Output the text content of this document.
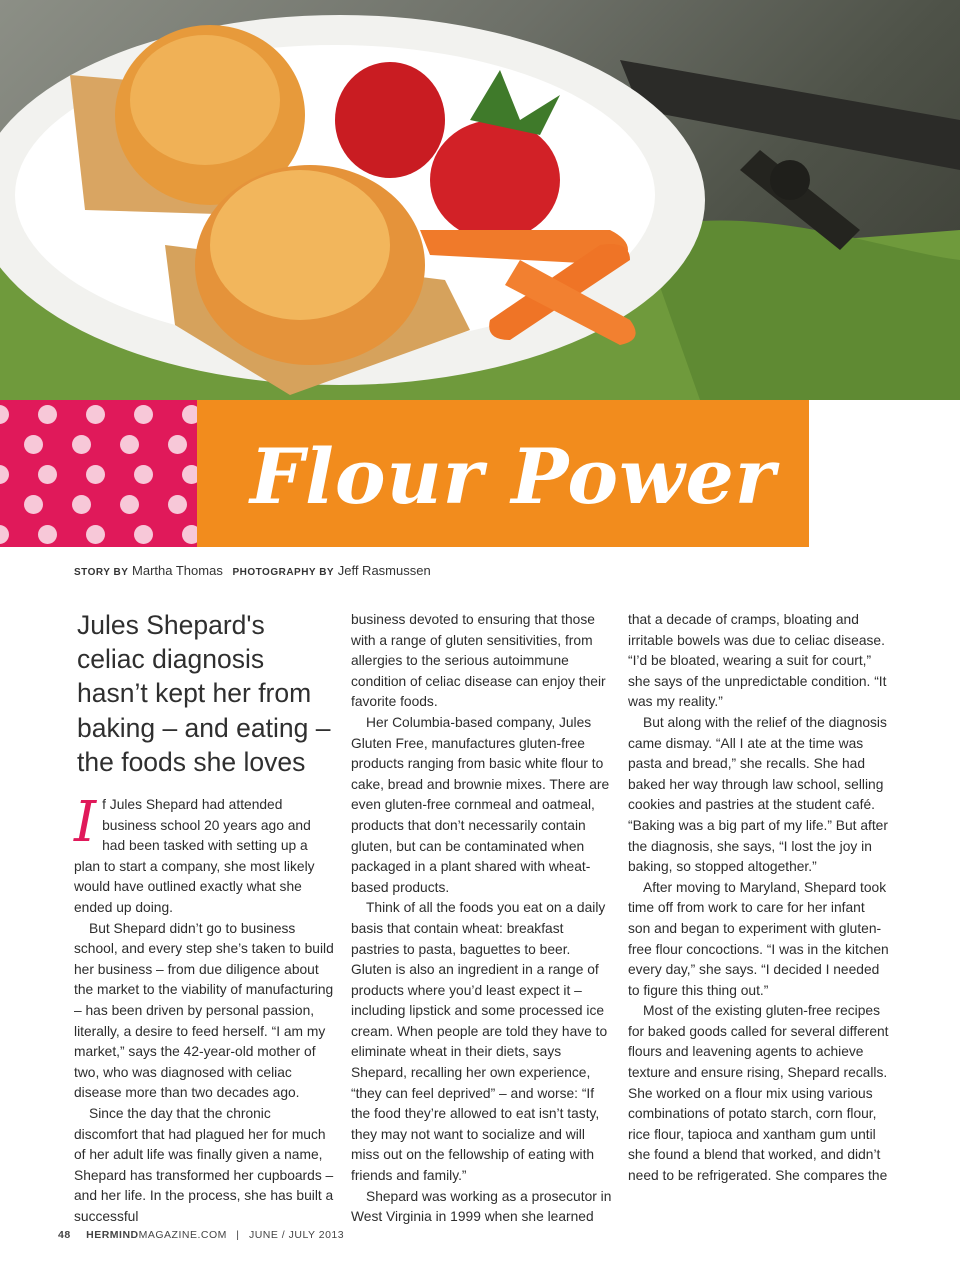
Flour Power
STORY BY Martha Thomas PHOTOGRAPHY BY Jeff Rasmussen
Jules Shepard's celiac diagnosis hasn’t kept her from baking – and eating – the foods she loves

If Jules Shepard had attended business school 20 years ago and had been tasked with setting up a plan to start a company, she most likely would have outlined exactly what she ended up doing.

But Shepard didn’t go to business school, and every step she’s taken to build her business – from due diligence about the market to the viability of manufacturing – has been driven by personal passion, literally, a desire to feed herself. “I am my market,” says the 42-year-old mother of two, who was diagnosed with celiac disease more than two decades ago.

Since the day that the chronic discomfort that had plagued her for much of her adult life was finally given a name, Shepard has transformed her cupboards – and her life. In the process, she has built a successful

business devoted to ensuring that those with a range of gluten sensitivities, from allergies to the serious autoimmune condition of celiac disease can enjoy their favorite foods.

Her Columbia-based company, Jules Gluten Free, manufactures gluten-free products ranging from basic white flour to cake, bread and brownie mixes. There are even gluten-free cornmeal and oatmeal, products that don’t necessarily contain gluten, but can be contaminated when packaged in a plant shared with wheat-based products.

Think of all the foods you eat on a daily basis that contain wheat: breakfast pastries to pasta, baguettes to beer. Gluten is also an ingredient in a range of products where you’d least expect it – including lipstick and some processed ice cream. When people are told they have to eliminate wheat in their diets, says Shepard, recalling her own experience, “they can feel deprived” – and worse: “If the food they’re allowed to eat isn’t tasty, they may not want to socialize and will miss out on the fellowship of eating with friends and family.”

Shepard was working as a prosecutor in West Virginia in 1999 when she learned

that a decade of cramps, bloating and irritable bowels was due to celiac disease. “I’d be bloated, wearing a suit for court,” she says of the unpredictable condition. “It was my reality.”

But along with the relief of the diagnosis came dismay. “All I ate at the time was pasta and bread,” she recalls. She had baked her way through law school, selling cookies and pastries at the student café. “Baking was a big part of my life.” But after the diagnosis, she says, “I lost the joy in baking, so stopped altogether.”

After moving to Maryland, Shepard took time off from work to care for her infant son and began to experiment with gluten-free flour concoctions. “I was in the kitchen every day,” she says. “I decided I needed to figure this thing out.”

Most of the existing gluten-free recipes for baked goods called for several different flours and leavening agents to achieve texture and ensure rising, Shepard recalls. She worked on a flour mix using various combinations of potato starch, corn flour, rice flour, tapioca and xantham gum until she found a blend that worked, and didn’t need to be refrigerated. She compares the

48 HERMINDMAGAZINE.COM | JUNE / JULY 2013
